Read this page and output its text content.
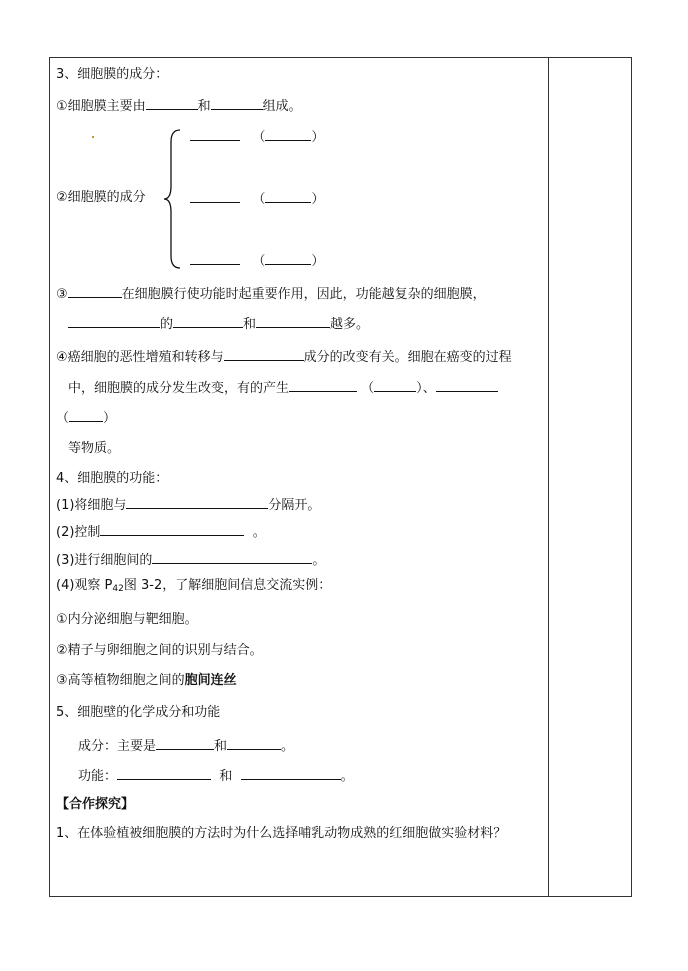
3、细胞膜的成分：
①细胞膜主要由	和	组成。
（	）
②细胞膜的成分	（	）
（	）
③	在细胞膜行使功能时起重要作用，因此，功能越复杂的细胞膜，
的	和	越多。
④癌细胞的恶性增殖和转移与	成分的改变有关。细胞在癌变的过程
中，细胞膜的成分发生改变，有的产生	（	）、
（	）
等物质。
4、细胞膜的功能：
(1)将细胞与	分隔开。
(2)控制	。
(3)进行细胞间的	。
(4)观察 $P_{42}$图 3-2，了解细胞间信息交流实例：
①内分泌细胞与靶细胞。
②精子与卵细胞之间的识别与结合。
③高等植物细胞之间的胞间连丝
5、细胞壁的化学成分和功能
成分：主要是	和	。
功能：	和	。
【合作探究】
1、在体验植被细胞膜的方法时为什么选择哺乳动物成熟的红细胞做实验材料？
